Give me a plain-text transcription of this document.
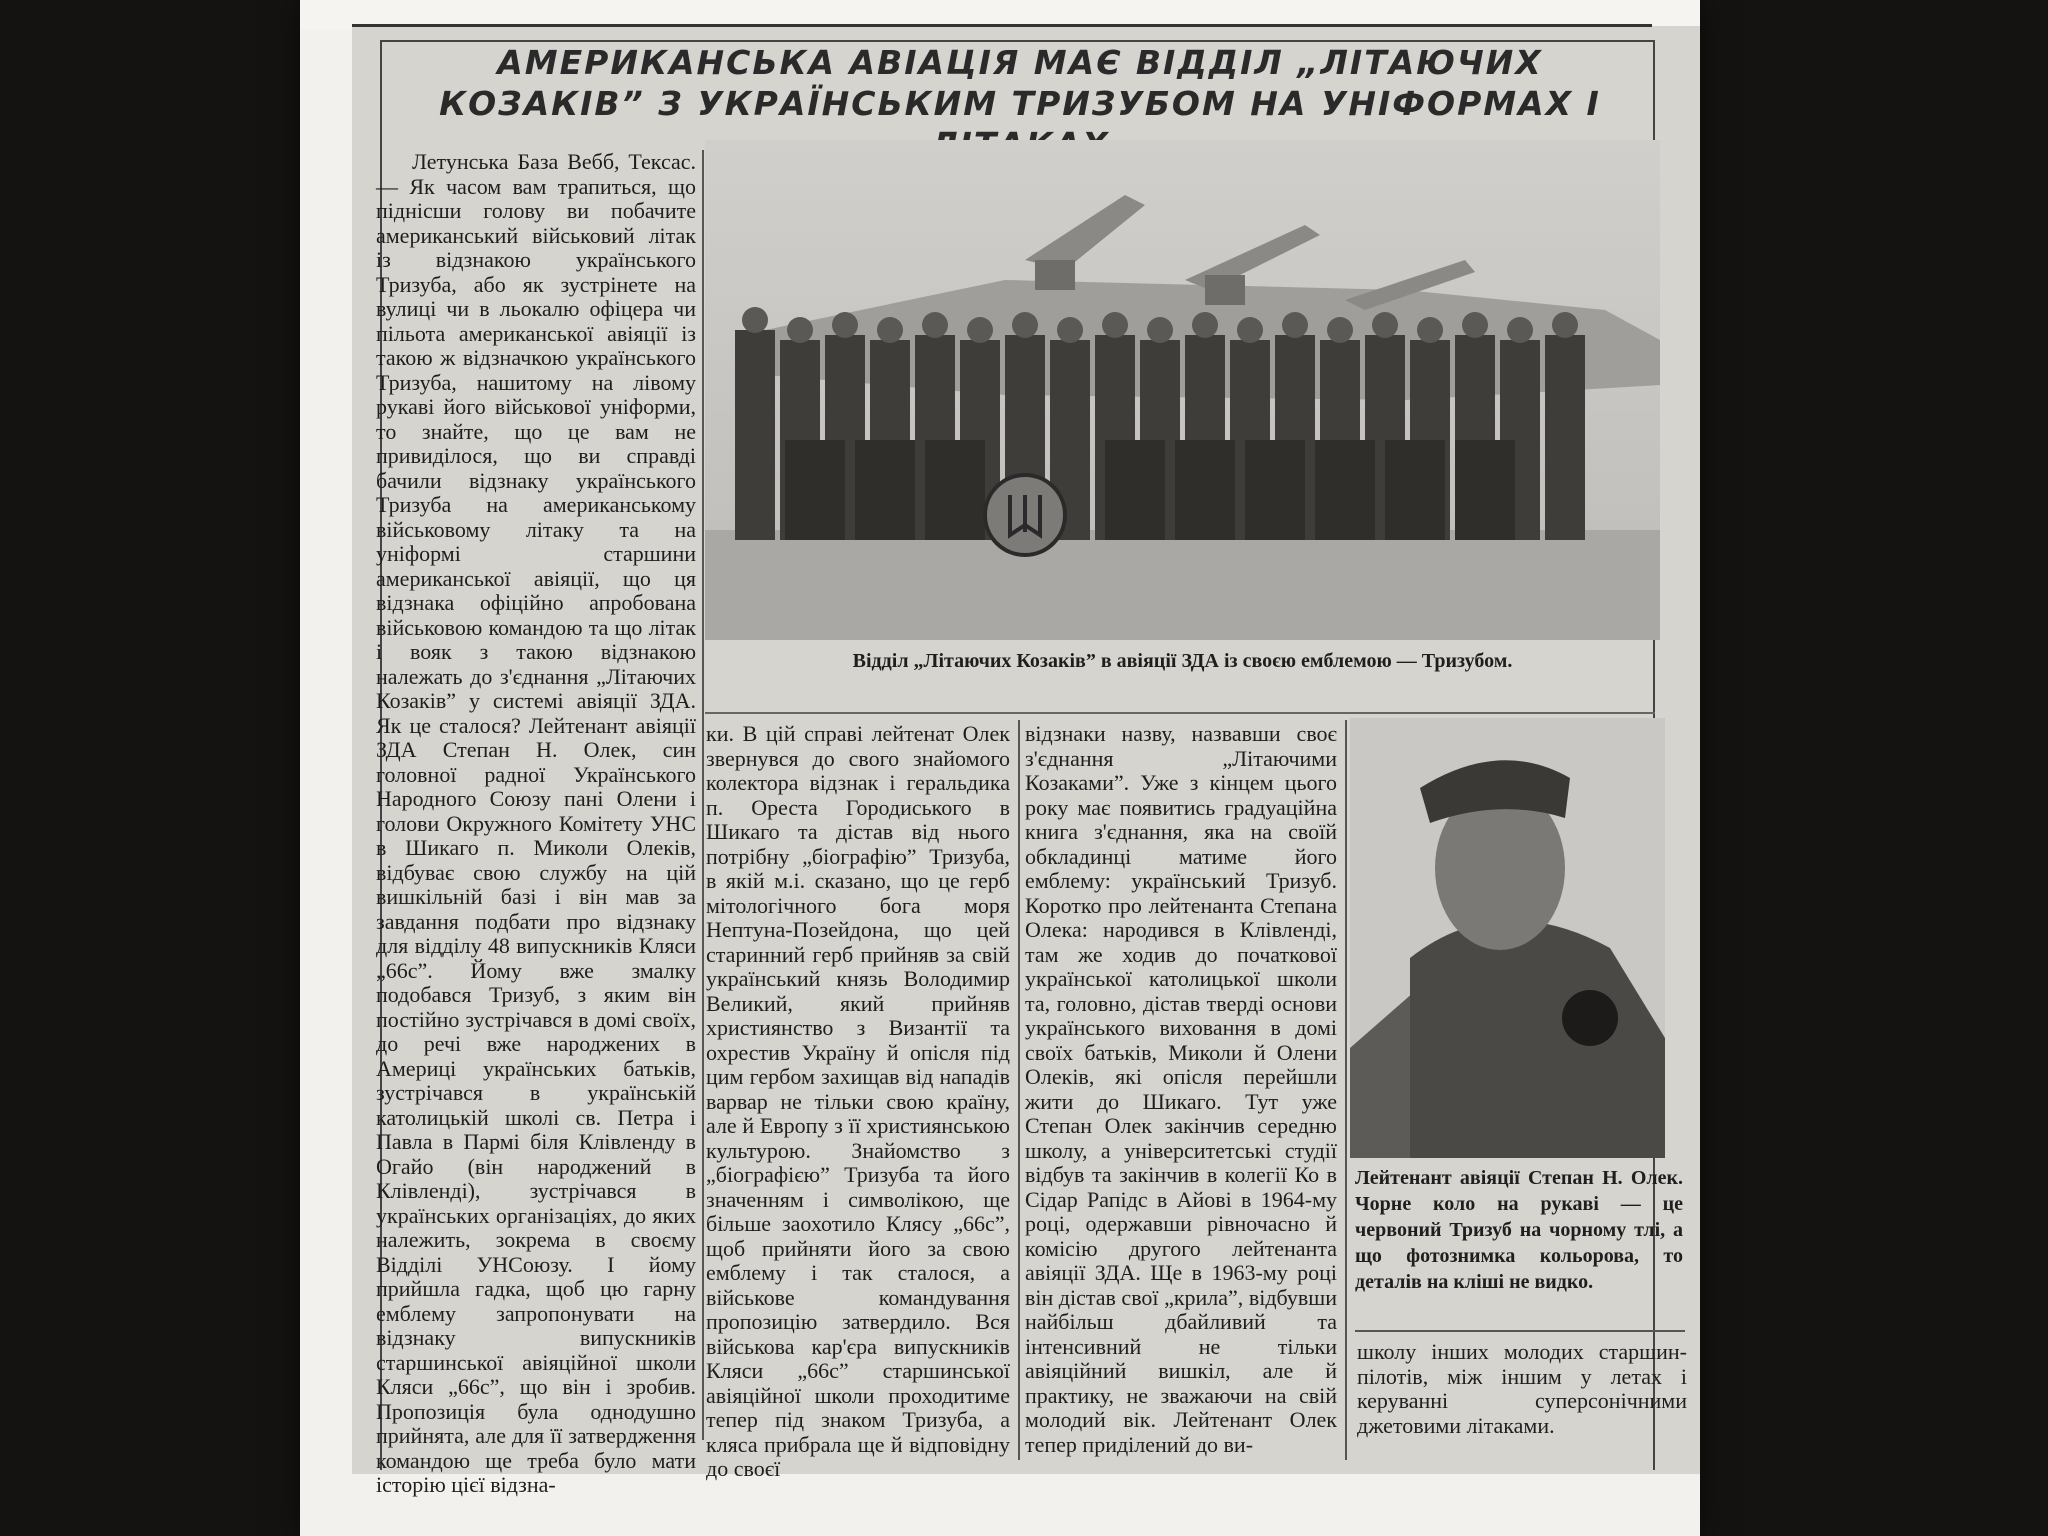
АМЕРИКАНСЬКА АВІАЦІЯ МАЄ ВІДДІЛ „ЛІТАЮЧИХ КОЗАКІВ” З УКРАЇНСЬКИМ ТРИЗУБОМ НА УНІФОРМАХ І

Летунська База Вебб, Тексас. — Як часом вам трапиться, що піднісши голову ви побачите американський військовий літак із відзнакою українського Тризуба, або як зустрінете на вулиці чи в льокалю офіцера чи пільота американської авіяції із такою ж відзначкою українського Тризуба, нашитому на лівому рукаві його військової уніформи, то знайте, що це вам не привиділося, що ви справді бачили відзнаку українського Тризуба на американському військовому літаку та на уніформі старшини американської авіяції, що ця відзнака офіційно апробована військовою командою та що літак і вояк з такою відзнакою належать до з'єднання „Літаючих Козаків” у системі авіяції ЗДА. Як це сталося? Лейтенант авіяції ЗДА Степан Н. Олек, син головної радної Українського Народного Союзу пані Олени і голови Окружного Комітету УНС в Шикаго п. Миколи Олеків, відбуває свою службу на цій вишкільній базі і він мав за завдання подбати про відзнаку для відділу 48 випускників Кляси „66с”. Йому вже змалку подобався Тризуб, з яким він постійно зустрічався в домі своїх, до речі вже народжених в Америці українських батьків, зустрічався в українській католицькій школі св. Петра і Павла в Пармі біля Клівленду в Огайо (він народжений в Клівленді), зустрічався в українських організаціях, до яких належить, зокрема в своєму Відділі УНСоюзу. І йому прийшла гадка, щоб цю гарну емблему запропонувати на відзнаку випускників старшинської авіяційної школи Кляси „66с”, що він і зробив. Пропозиція була однодушно прийнята, але для її затвердження командою ще треба було мати історію цієї відзна-

Відділ „Літаючих Козаків” в авіяції ЗДА із своєю емблемою — Тризубом.

ки. В цій справі лейтенат Олек звернувся до свого знайомого колектора відзнак і геральдика п. Ореста Городиського в Шикаго та дістав від нього потрібну „біографію” Тризуба, в якій м.і. сказано, що це герб мітологічного бога моря Нептуна-Позейдона, що цей старинний герб прийняв за свій український князь Володимир Великий, який прийняв християнство з Византії та охрестив Україну й опісля під цим гербом захищав від нападів варвар не тільки свою країну, але й Европу з її християнською культурою. Знайомство з „біографією” Тризуба та його значенням і символікою, ще більше заохотило Клясу „66с”, щоб прийняти його за свою емблему і так сталося, а військове командування пропозицію затвердило. Вся військова кар'єра випускників Кляси „66с” старшинської авіяційної школи проходитиме тепер під знаком Тризуба, а кляса прибрала ще й відповідну до своєї

відзнаки назву, назвавши своє з'єднання „Літаючими Козаками”. Уже з кінцем цього року має появитись градуаційна книга з'єднання, яка на своїй обкладинці матиме його емблему: український Тризуб. Коротко про лейтенанта Степана Олека: народився в Клівленді, там же ходив до початкової української католицької школи та, головно, дістав тверді основи українського виховання в домі своїх батьків, Миколи й Олени Олеків, які опісля перейшли жити до Шикаго. Тут уже Степан Олек закінчив середню школу, а університетські студії відбув та закінчив в колегії Ко в Сідар Рапідс в Айові в 1964-му році, одержавши рівночасно й комісію другого лейтенанта авіяції ЗДА. Ще в 1963-му році він дістав свої „крила”, відбувши найбільш дбайливий та інтенсивний не тільки авіяційний вишкіл, але й практику, не зважаючи на свій молодий вік. Лейтенант Олек тепер приділений до ви-

Лейтенант авіяції Степан Н. Олек. Чорне коло на рукаві — це червоний Тризуб на чорному тлі, а що фотознимка кольорова, то деталів на кліші не видко.

школу інших молодих старшин-пілотів, між іншим у летах і керуванні суперсонічними джетовими літаками.
